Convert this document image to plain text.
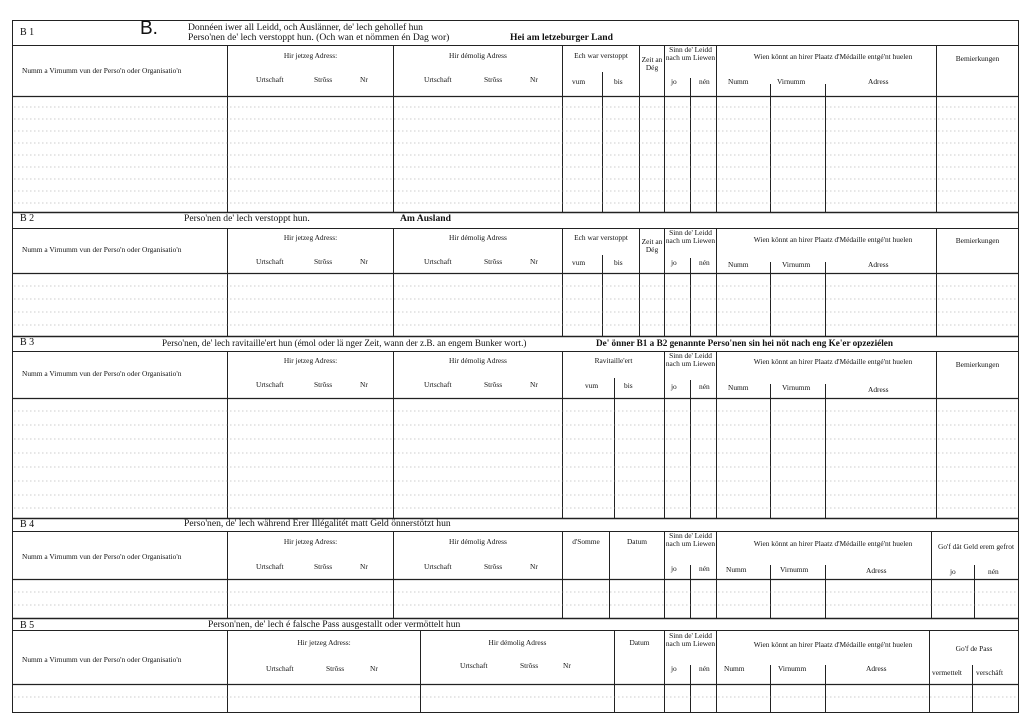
B 1	B.	Donnéen iwer all Leidd, och Auslänner, de' lech gehollef hun
Perso'nen de' lech verstoppt hun. (Och wan et nömmen én Dag wor)	Hei am letzeburger Land
Numm a Virnumm vun der Perso'n oder Organisatio'n
Hir jetzeg Adress:
Urtschaft	Strõss	Nr
Hir démolig Adress
Urtschaft	Strõss	Nr
Ech war verstoppt
vum	bis
Zeit an Dég
Sinn de' Leidd nach um Liewen
jo	nén
Wien könnt an hirer Plaatz d'Médaille entgé'nt huelen
Numm	Virnumm	Adress
Bemierkungen
B 2	Perso'nen de' lech verstoppt hun.	Am Ausland
Numm a Virnumm vun der Perso'n oder Organisatio'n
Hir jetzeg Adress:
Urtschaft	Strõss	Nr
Hir démolig Adress
Urtschaft	Strõss	Nr
Ech war verstoppt
vum	bis
Zeit an Dég
Sinn de' Leidd nach um Liewen
jo	nén
Wien könnt an hirer Plaatz d'Médaille entgé'nt huelen
Numm	Virnumm	Adress
Bemierkungen
B 3	Perso'nen, de' lech ravitaille'ert hun (émol oder lä nger Zeit, wann der z.B. an engem Bunker wort.)	De' önner B1 a B2 genannte Perso'nen sin hei nöt nach eng Ke'er opzeziélen
Numm a Virnumm vun der Perso'n oder Organisatio'n
Hir jetzeg Adress:
Urtschaft	Strõss	Nr
Hir démolig Adress
Urtschaft	Strõss	Nr
Ravitaille'ert
vum	bis
Sinn de' Leidd nach um Liewen
jo	nén
Wien könnt an hirer Plaatz d'Médaille entgé'nt huelen
Numm	Virnumm	Adress
Bemierkungen
B 4	Perso'nen, de' lech während Erer Illégalitét matt Geld önnerstötzt hun
Numm a Virnumm vun der Perso'n oder Organisatio'n
Hir jetzeg Adress:
Urtschaft	Strõss	Nr
Hir démolig Adress
Urtschaft	Strõss	Nr
d'Somme	Datum
Sinn de' Leidd nach um Liewen
jo	nén
Wien könnt an hirer Plaatz d'Médaille entgé'nt huelen
Numm	Virnumm	Adress
Go'f dät Geld erem gefrot
jo	nén
B 5	Person'nen, de' lech é falsche Pass ausgestallt oder vermöttelt hun
Numm a Virnumm vun der Perso'n oder Organisatio'n
Hir jetzeg Adress:
Urtschaft	Strõss	Nr
Hir démolig Adress
Urtschaft	Strõss	Nr
Datum
Sinn de' Leidd nach um Liewen
jo	nén
Wien könnt an hirer Plaatz d'Médaille entgé'nt huelen
Numm	Virnumm	Adress
Go'f de Pass
vermettelt verschäft
